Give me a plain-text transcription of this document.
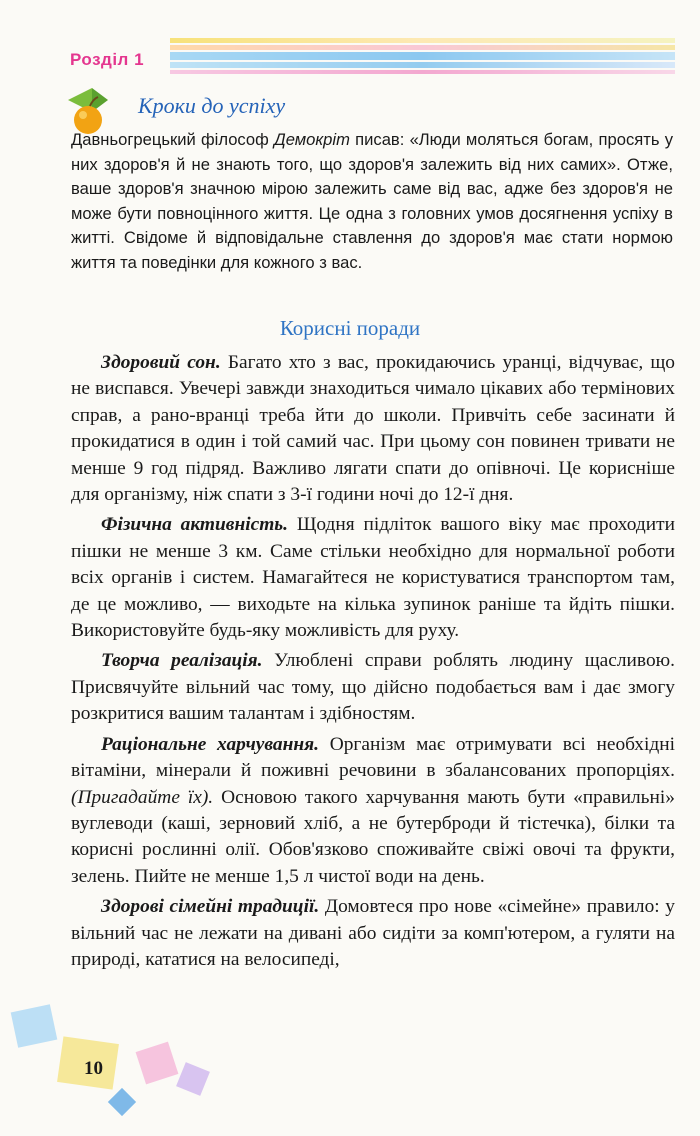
Розділ 1
Кроки до успіху
Давньогрецький філософ Демокріт писав: «Люди моляться богам, просять у них здоров'я й не знають того, що здоров'я залежить від них самих». Отже, ваше здоров'я значною мірою залежить саме від вас, адже без здоров'я не може бути повноцінного життя. Це одна з головних умов досягнення успіху в житті. Свідоме й відповідальне ставлення до здоров'я має стати нормою життя та поведінки для кожного з вас.
Корисні поради

Здоровий сон. Багато хто з вас, прокидаючись уранці, відчуває, що не виспався. Увечері завжди знаходиться чимало цікавих або термінових справ, а рано-вранці треба йти до школи. Привчіть себе засинати й прокидатися в один і той самий час. При цьому сон повинен тривати не менше 9 год підряд. Важливо лягати спати до опівночі. Це корисніше для організму, ніж спати з 3-ї години ночі до 12-ї дня.

Фізична активність. Щодня підліток вашого віку має проходити пішки не менше 3 км. Саме стільки необхідно для нормальної роботи всіх органів і систем. Намагайтеся не користуватися транспортом там, де це можливо, — виходьте на кілька зупинок раніше та йдіть пішки. Використовуйте будь-яку можливість для руху.

Творча реалізація. Улюблені справи роблять людину щасливою. Присвячуйте вільний час тому, що дійсно подобається вам і дає змогу розкритися вашим талантам і здібностям.

Раціональне харчування. Організм має отримувати всі необхідні вітаміни, мінерали й поживні речовини в збалансованих пропорціях. (Пригадайте їх). Основою такого харчування мають бути «правильні» вуглеводи (каші, зерновий хліб, а не бутерброди й тістечка), білки та корисні рослинні олії. Обов'язково споживайте свіжі овочі та фрукти, зелень. Пийте не менше 1,5 л чистої води на день.

Здорові сімейні традиції. Домовтеся про нове «сімейне» правило: у вільний час не лежати на дивані або сидіти за комп'ютером, а гуляти на природі, кататися на велосипеді,

10
